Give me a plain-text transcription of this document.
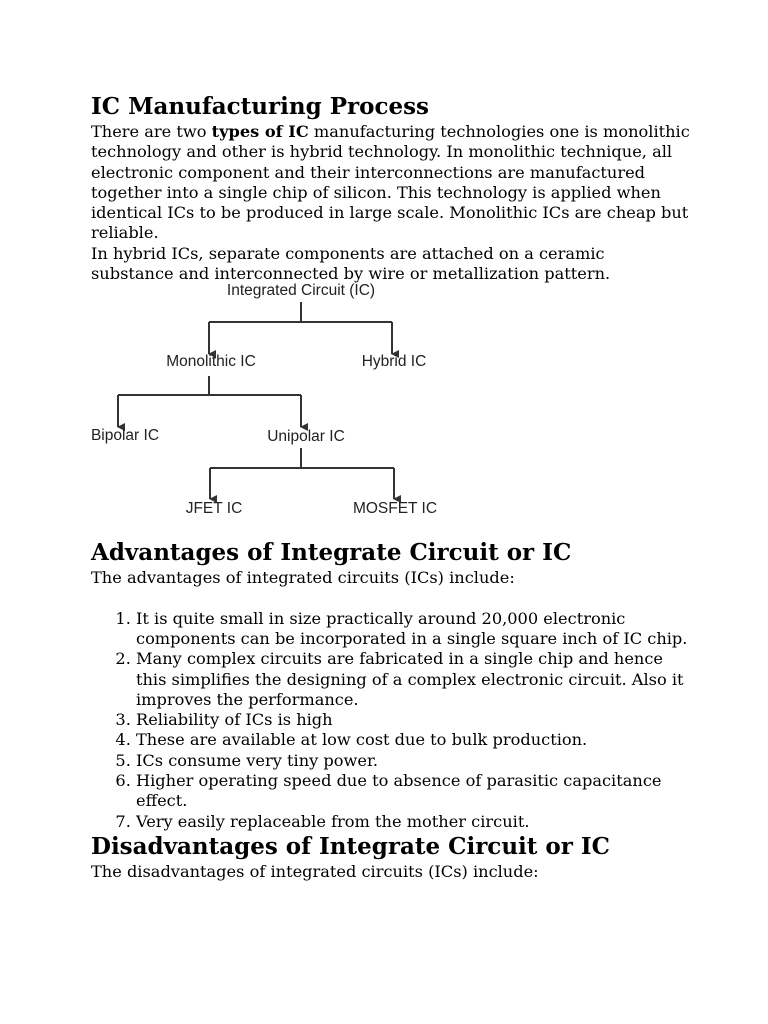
IC Manufacturing Process

There are two types of IC manufacturing technologies one is monolithic technology and other is hybrid technology. In monolithic technique, all electronic component and their interconnections are manufactured together into a single chip of silicon. This technology is applied when identical ICs to be produced in large scale. Monolithic ICs are cheap but reliable.

In hybrid ICs, separate components are attached on a ceramic substance and interconnected by wire or metallization pattern.

Integrated Circuit (IC)
Monolithic IC	Hybrid IC
Bipolar IC	Unipolar IC
JFET IC	MOSFET IC
Advantages of Integrate Circuit or IC

The advantages of integrated circuits (ICs) include:

1. It is quite small in size practically around 20,000 electronic components can be incorporated in a single square inch of IC chip.
2. Many complex circuits are fabricated in a single chip and hence this simplifies the designing of a complex electronic circuit. Also it improves the performance.
3. Reliability of ICs is high
4. These are available at low cost due to bulk production.
5. ICs consume very tiny power.
6. Higher operating speed due to absence of parasitic capacitance effect.
7. Very easily replaceable from the mother circuit.
Disadvantages of Integrate Circuit or IC

The disadvantages of integrated circuits (ICs) include:
